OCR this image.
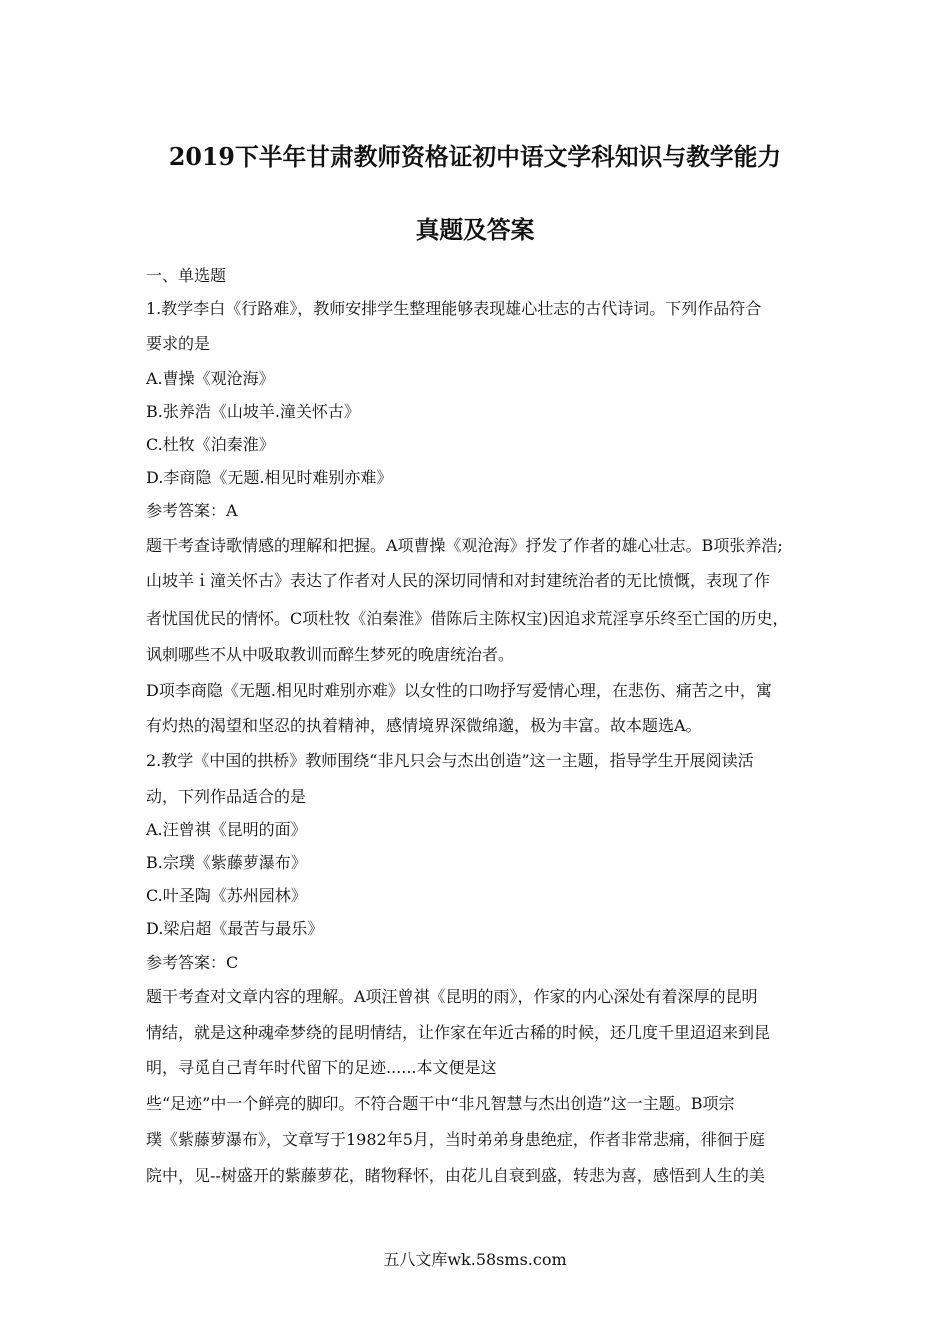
2019下半年甘肃教师资格证初中语文学科知识与教学能力
真题及答案
一、单选题
1.教学李白《行路难》，教师安排学生整理能够表现雄心壮志的古代诗词。下列作品符合
要求的是
A.曹操《观沧海》
B.张养浩《山坡羊.潼关怀古》
C.杜牧《泊秦淮》
D.李商隐《无题.相见时难别亦难》
参考答案：A
题干考查诗歌情感的理解和把握。A项曹操《观沧海》抒发了作者的雄心壮志。B项张养浩;
山坡羊ｉ潼关怀古》表达了作者对人民的深切同情和对封建统治者的无比愤慨，表现了作
者忧国优民的情怀。C项杜牧《泊秦淮》借陈后主陈权宝)因追求荒淫享乐终至亡国的历史，
讽刺哪些不从中吸取教训而醉生梦死的晚唐统治者。
D项李商隐《无题.相见时难别亦难》以女性的口吻抒写爱情心理，在悲伤、痛苦之中，寓
有灼热的渴望和坚忍的执着精神，感情境界深微绵邈，极为丰富。故本题选A。
2.教学《中国的拱桥》教师围绕“非凡只会与杰出创造”这一主题，指导学生开展阅读活
动，下列作品适合的是
A.汪曾祺《昆明的面》
B.宗璞《紫藤萝瀑布》
C.叶圣陶《苏州园林》
D.梁启超《最苦与最乐》
参考答案：C
题干考查对文章内容的理解。A项汪曾祺《昆明的雨》，作家的内心深处有着深厚的昆明
情结，就是这种魂牵梦绕的昆明情结，让作家在年近古稀的时候，还几度千里迢迢来到昆
明，寻觅自己青年时代留下的足迹......本文便是这
些“足迹”中一个鲜亮的脚印。不符合题干中“非凡智慧与杰出创造”这一主题。B项宗
璞《紫藤萝瀑布》，文章写于1982年5月，当时弟弟身患绝症，作者非常悲痛，徘徊于庭
院中，见--树盛开的紫藤萝花，睹物释怀，由花儿自衰到盛，转悲为喜，感悟到人生的美
五八文库wk.58sms.com
